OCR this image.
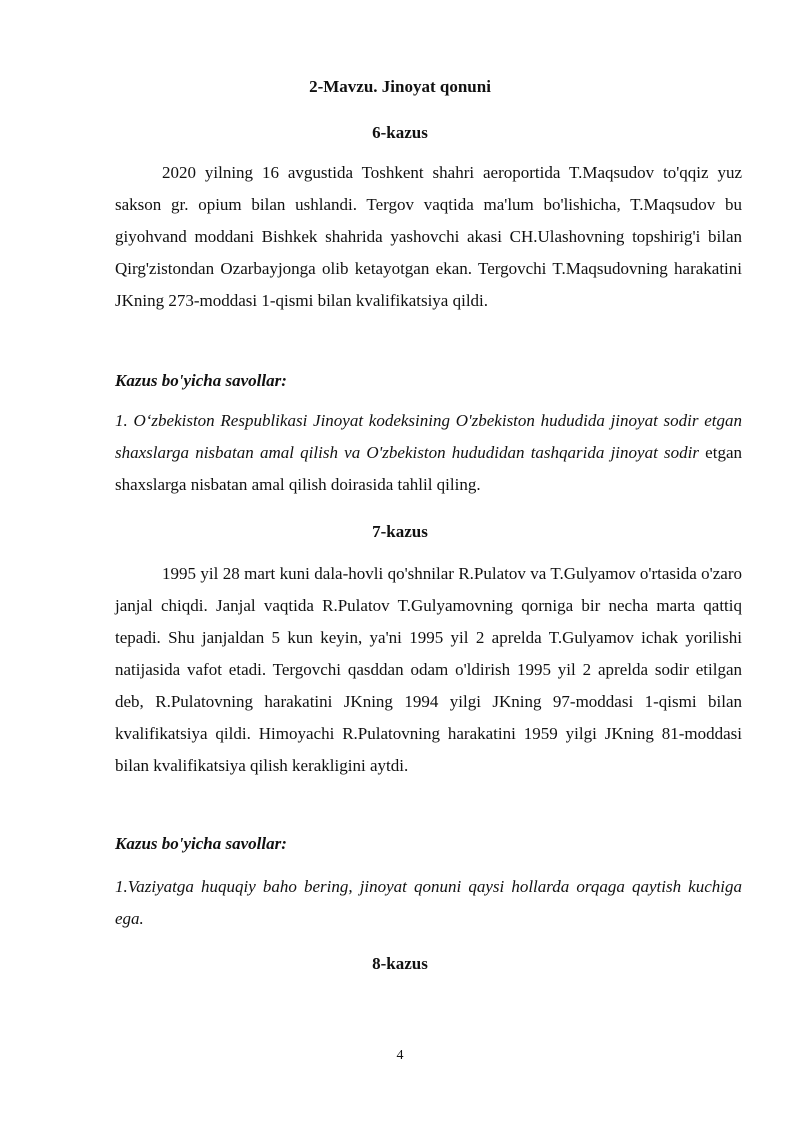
2-Mavzu. Jinoyat qonuni
6-kazus

2020 yilning 16 avgustida Toshkent shahri aeroportida T.Maqsudov to'qqiz yuz sakson gr. opium bilan ushlandi. Tergov vaqtida ma'lum bo'lishicha, T.Maqsudov bu giyohvand moddani Bishkek shahrida yashovchi akasi CH.Ulashovning topshirig'i bilan Qirg'zistondan Ozarbayjonga olib ketayotgan ekan. Tergovchi T.Maqsudovning harakatini JKning 273-moddasi 1-qismi bilan kvalifikatsiya qildi.

Kazus bo'yicha savollar:

1. O‘zbekiston Respublikasi Jinoyat kodeksining O'zbekiston hududida jinoyat sodir etgan shaxslarga nisbatan amal qilish va O'zbekiston hududidan tashqarida jinoyat sodir etgan shaxslarga nisbatan amal qilish doirasida tahlil qiling.

7-kazus

1995 yil 28 mart kuni dala-hovli qo'shnilar R.Pulatov va T.Gulyamov o'rtasida o'zaro janjal chiqdi. Janjal vaqtida R.Pulatov T.Gulyamovning qorniga bir necha marta qattiq tepadi. Shu janjaldan 5 kun keyin, ya'ni 1995 yil 2 aprelda T.Gulyamov ichak yorilishi natijasida vafot etadi. Tergovchi qasddan odam o'ldirish 1995 yil 2 aprelda sodir etilgan deb, R.Pulatovning harakatini JKning 1994 yilgi JKning 97-moddasi 1-qismi bilan kvalifikatsiya qildi. Himoyachi R.Pulatovning harakatini 1959 yilgi JKning 81-moddasi bilan kvalifikatsiya qilish kerakligini aytdi.

Kazus bo'yicha savollar:

1.Vaziyatga huquqiy baho bering, jinoyat qonuni qaysi hollarda orqaga qaytish kuchiga ega.

8-kazus

4
